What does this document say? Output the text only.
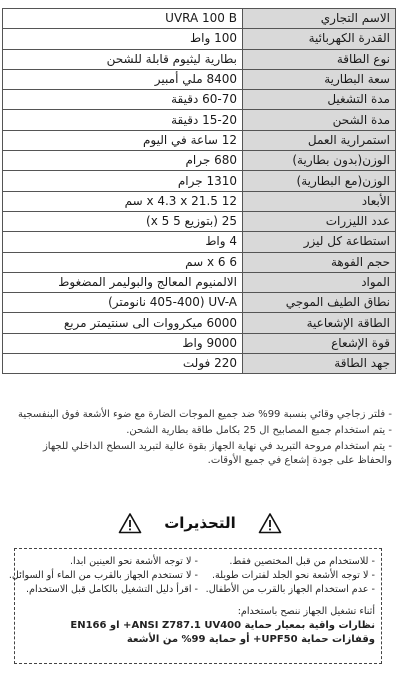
الاسم التجاري	UVRA 100 B
القدرة الكهربائية	100 واط
نوع الطاقة	بطارية ليثيوم قابلة للشحن
سعة البطارية	8400 ملي أمبير
مدة التشغيل	60-70 دقيقة
مدة الشحن	15-20 دقيقة
استمرارية العمل	12 ساعة في اليوم
الوزن(بدون بطارية)	680 جرام
الوزن(مع البطارية)	1310 جرام
الأبعاد	12 x 4.3 x 21.5 سم
عدد الليزرات	25 (بتوزيع 5 x 5)
استطاعة كل ليزر	4 واط
حجم الفوهة	6 x 6 سم
المواد	الالمنيوم المعالج والبوليمر المضغوط
نطاق الطيف الموجي	UV-A (405-400 نانومتر)
الطاقة الإشعاعية	6000 ميكرووات الى سنتيمتر مربع
قوة الإشعاع	9000 واط
جهد الطاقة	220 فولت

- فلتر زجاجي وقائي بنسبة 99% ضد جميع الموجات الضارة مع ضوء الأشعة فوق البنفسجية

- يتم استخدام جميع المصابيح ال 25 بكامل طاقة بطارية الشحن.

- يتم استخدام مروحة التبريد في نهاية الجهاز بقوة عالية لتبريد السطح الداخلي للجهاز والحفاظ على جودة إشعاع في جميع الأوقات.

التحذيرات
- للاستخدام من قبل المختصين فقط.
- لا توجه الأشعة نحو الجلد لفترات طويلة.
- عدم استخدام الجهاز بالقرب من الأطفال.
- لا توجه الأشعة نحو العينين ابدا.
- لا تستخدم الجهاز بالقرب من الماء أو السوائل.
- اقرأ دليل التشغيل بالكامل قبل الاستخدام.
أثناء تشغيل الجهاز ننصح باستخدام:
نظارات واقية بمعيار حماية ANSI Z787.1 UV400+ او EN166
وقفازات حماية UPF50+ أو حماية 99% من الأشعة
